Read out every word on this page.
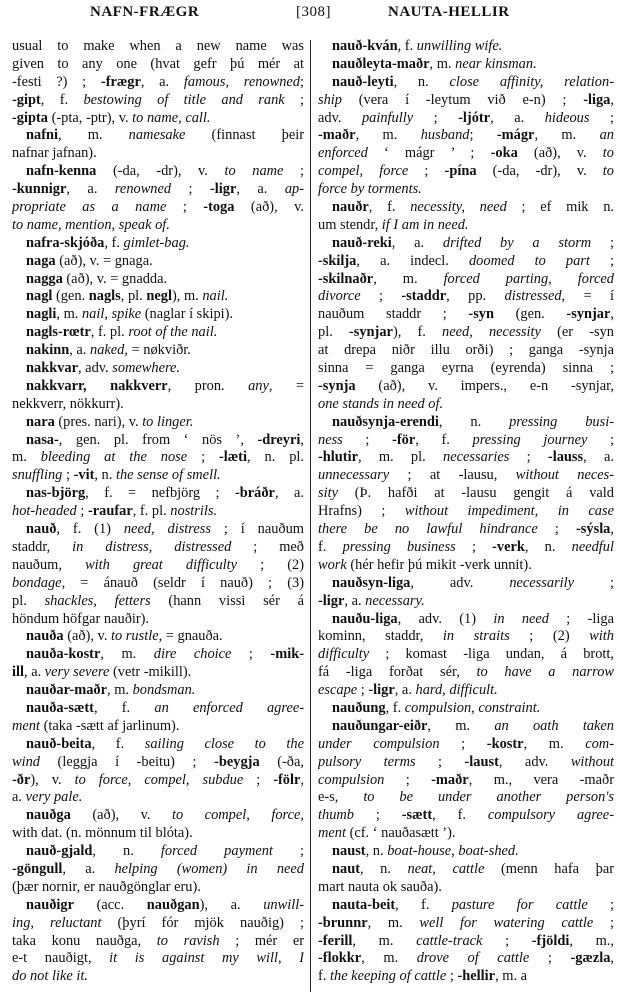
NAFN-FRÆGR	[308]	NAUTA-HELLIR
usual to make when a new name was
given to any one (hvat gefr þú mér at
-festi ?) ; -frægr, a. famous, renowned;
-gipt, f. bestowing of title and rank ;
-gipta (-pta, -ptr), v. to name, call.
nafni, m. namesake (finnast þeir
nafnar jafnan).
nafn-kenna (-da, -dr), v. to name ;
-kunnigr, a. renowned ; -ligr, a. ap-
propriate as a name ; -toga (að), v.
to name, mention, speak of.
nafra-skjóða, f. gimlet-bag.
naga (að), v. = gnaga.
nagga (að), v. = gnadda.
nagl (gen. nagls, pl. negl), m. nail.
nagli, m. nail, spike (naglar í skipi).
nagls-rœtr, f. pl. root of the nail.
nakinn, a. naked, = nøkviðr.
nakkvar, adv. somewhere.
nakkvarr, nakkverr, pron. any, =
nekkverr, nökkurr).
nara (pres. nari), v. to linger.
nasa-, gen. pl. from ‘ nös ’, -dreyri,
m. bleeding at the nose ; -læti, n. pl.
snuffling ; -vit, n. the sense of smell.
nas-björg, f. = nefbjörg ; -bráðr, a.
hot-headed ; -raufar, f. pl. nostrils.
nauð, f. (1) need, distress ; í nauðum
staddr, in distress, distressed ; með
nauðum, with great difficulty ; (2)
bondage, = ánauð (seldr í nauð) ; (3)
pl. shackles, fetters (hann vissi sér á
höndum höfgar nauðir).
nauða (að), v. to rustle, = gnauða.
nauða-kostr, m. dire choice ; -mik-
ill, a. very severe (vetr -mikill).
nauðar-maðr, m. bondsman.
nauða-sætt, f. an enforced agree-
ment (taka -sætt af jarlinum).
nauð-beita, f. sailing close to the
wind (leggja í -beitu) ; -beygja (-ða,
-ðr), v. to force, compel, subdue ; -fölr,
a. very pale.
nauðga (að), v. to compel, force,
with dat. (n. mönnum til blóta).
nauð-gjald, n. forced payment ;
-göngull, a. helping (women) in need
(þær nornir, er nauðgönglar eru).
nauðigr (acc. nauðgan), a. unwill-
ing, reluctant (þyrí fór mjök nauðig) ;
taka konu nauðga, to ravish ; mér er
e-t nauðigt, it is against my will, I
do not like it.
nauð-kván, f. unwilling wife.
nauðleyta-maðr, m. near kinsman.
nauð-leyti, n. close affinity, relation-
ship (vera í -leytum við e-n) ; -liga,
adv. painfully ; -ljótr, a. hideous ;
-maðr, m. husband; -mágr, m. an
enforced ‘ mágr ’ ; -oka (að), v. to
compel, force ; -pína (-da, -dr), v. to
force by torments.
nauðr, f. necessity, need ; ef mik n.
um stendr, if I am in need.
nauð-reki, a. drifted by a storm ;
-skilja, a. indecl. doomed to part ;
-skilnaðr, m. forced parting, forced
divorce ; -staddr, pp. distressed, = í
nauðum staddr ; -syn (gen. -synjar,
pl. -synjar), f. need, necessity (er -syn
at drepa niðr illu orði) ; ganga -synja
sinna = ganga eyrna (eyrenda) sinna ;
-synja (að), v. impers., e-n -synjar,
one stands in need of.
nauðsynja-erendi, n. pressing busi-
ness ; -för, f. pressing journey ;
-hlutir, m. pl. necessaries ; -lauss, a.
unnecessary ; at -lausu, without neces-
sity (Þ. hafði at -lausu gengit á vald
Hrafns) ; without impediment, in case
there be no lawful hindrance ; -sýsla,
f. pressing business ; -verk, n. needful
work (hér hefir þú mikit -verk unnit).
nauðsyn-liga, adv. necessarily ;
-ligr, a. necessary.
nauðu-liga, adv. (1) in need ; -liga
kominn, staddr, in straits ; (2) with
difficulty ; komast -liga undan, á brott,
fá -liga forðat sér, to have a narrow
escape ; -ligr, a. hard, difficult.
nauðung, f. compulsion, constraint.
nauðungar-eiðr, m. an oath taken
under compulsion ; -kostr, m. com-
pulsory terms ; -laust, adv. without
compulsion ; -maðr, m., vera -maðr
e-s, to be under another person's
thumb ; -sætt, f. compulsory agree-
ment (cf. ‘ nauðasætt ’).
naust, n. boat-house, boat-shed.
naut, n. neat, cattle (menn hafa þar
mart nauta ok sauða).
nauta-beit, f. pasture for cattle ;
-brunnr, m. well for watering cattle ;
-ferill, m. cattle-track ; -fjöldi, m.,
-flokkr, m. drove of cattle ; -gæzla,
f. the keeping of cattle ; -hellir, m. a
